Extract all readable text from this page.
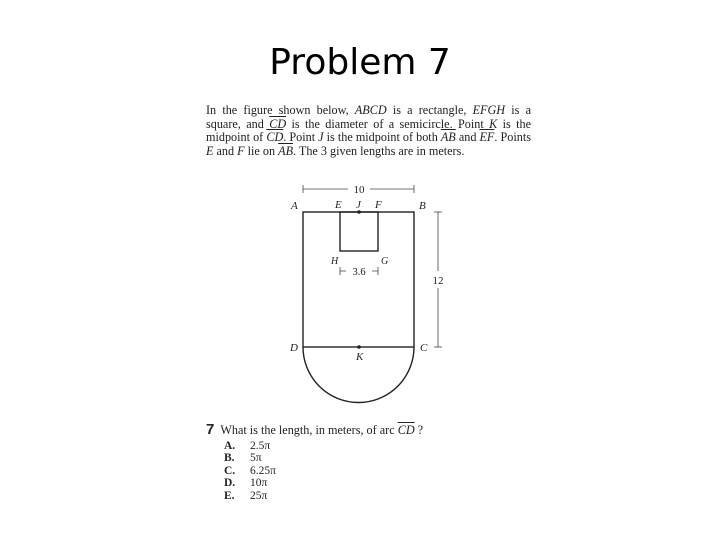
Problem 7
In the figure shown below, ABCD is a rectangle, EFGH is a square, and $\overline{CD}$ is the diameter of a semicircle. Point K is the midpoint of $\overline{CD}$. Point J is the midpoint of both $\overline{AB}$ and $\overline{EF}$. Points E and F lie on $\overline{AB}$. The 3 given lengths are in meters.
10
12
3.6
A	E J F	B
H	G
D
K
C
7 What is the length, in meters, of arc $\overline{CD}$ ?
A.	2.5π
B.	5π
C.	6.25π
D.	10π
E.	25π
